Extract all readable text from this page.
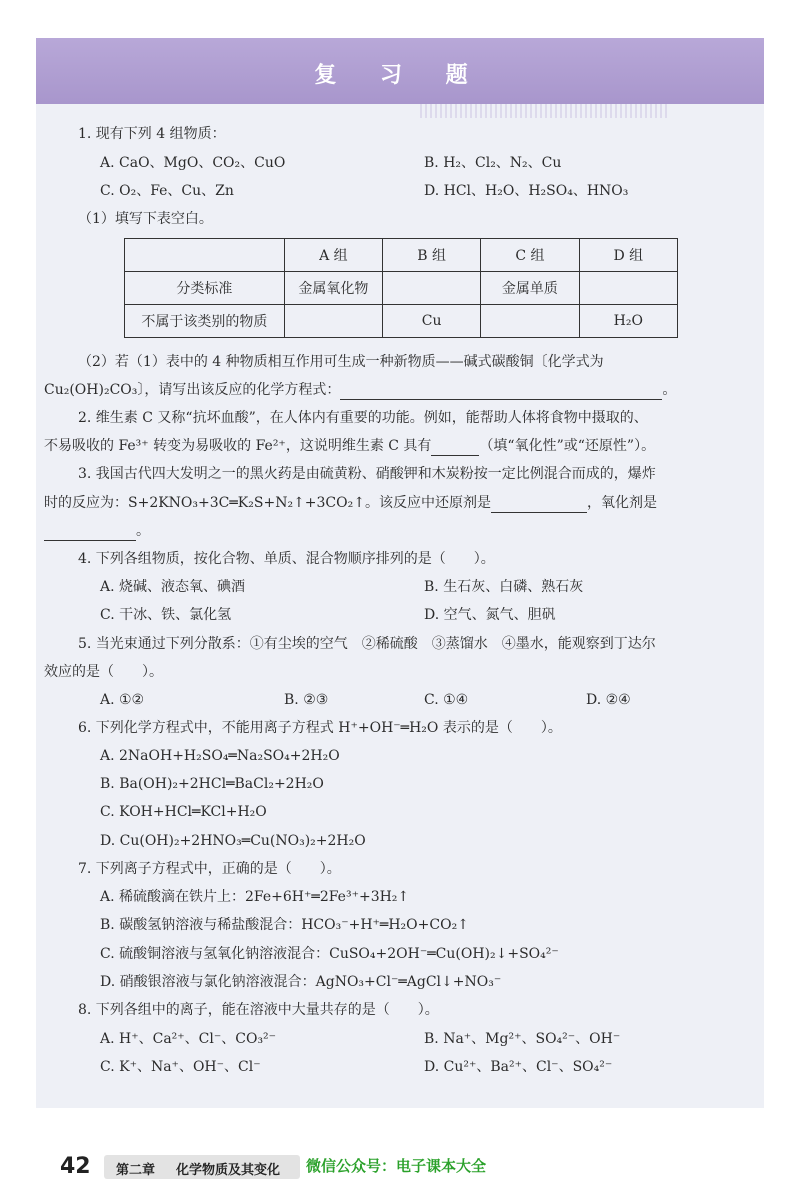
复 习 题
1. 现有下列 4 组物质：
A. CaO、MgO、CO₂、CuO	B. H₂、Cl₂、N₂、Cu
C. O₂、Fe、Cu、Zn	D. HCl、H₂O、H₂SO₄、HNO₃
（1）填写下表空白。
	A 组	B 组	C 组	D 组
分类标准	金属氧化物		金属单质	
不属于该类别的物质		Cu		H₂O
（2）若（1）表中的 4 种物质相互作用可生成一种新物质——碱式碳酸铜〔化学式为
Cu₂(OH)₂CO₃〕，请写出该反应的化学方程式：	。
2. 维生素 C 又称“抗坏血酸”，在人体内有重要的功能。例如，能帮助人体将食物中摄取的、
不易吸收的 Fe³⁺ 转变为易吸收的 Fe²⁺，这说明维生素 C 具有	（填“氧化性”或“还原性”）。
3. 我国古代四大发明之一的黑火药是由硫黄粉、硝酸钾和木炭粉按一定比例混合而成的，爆炸
时的反应为：S+2KNO₃+3C═K₂S+N₂↑+3CO₂↑。该反应中还原剂是	，氧化剂是
。
4. 下列各组物质，按化合物、单质、混合物顺序排列的是（　　）。
A. 烧碱、液态氧、碘酒	B. 生石灰、白磷、熟石灰
C. 干冰、铁、氯化氢	D. 空气、氮气、胆矾
5. 当光束通过下列分散系：①有尘埃的空气　②稀硫酸　③蒸馏水　④墨水，能观察到丁达尔
效应的是（　　）。
A. ①②	B. ②③	C. ①④	D. ②④
6. 下列化学方程式中，不能用离子方程式 H⁺+OH⁻═H₂O 表示的是（　　）。
A. 2NaOH+H₂SO₄═Na₂SO₄+2H₂O
B. Ba(OH)₂+2HCl═BaCl₂+2H₂O
C. KOH+HCl═KCl+H₂O
D. Cu(OH)₂+2HNO₃═Cu(NO₃)₂+2H₂O
7. 下列离子方程式中，正确的是（　　）。
A. 稀硫酸滴在铁片上：2Fe+6H⁺═2Fe³⁺+3H₂↑
B. 碳酸氢钠溶液与稀盐酸混合：HCO₃⁻+H⁺═H₂O+CO₂↑
C. 硫酸铜溶液与氢氧化钠溶液混合：CuSO₄+2OH⁻═Cu(OH)₂↓+SO₄²⁻
D. 硝酸银溶液与氯化钠溶液混合：AgNO₃+Cl⁻═AgCl↓+NO₃⁻
8. 下列各组中的离子，能在溶液中大量共存的是（　　）。
A. H⁺、Ca²⁺、Cl⁻、CO₃²⁻	B. Na⁺、Mg²⁺、SO₄²⁻、OH⁻
C. K⁺、Na⁺、OH⁻、Cl⁻	D. Cu²⁺、Ba²⁺、Cl⁻、SO₄²⁻
42 第二章 化学物质及其变化 微信公众号：电子课本大全
